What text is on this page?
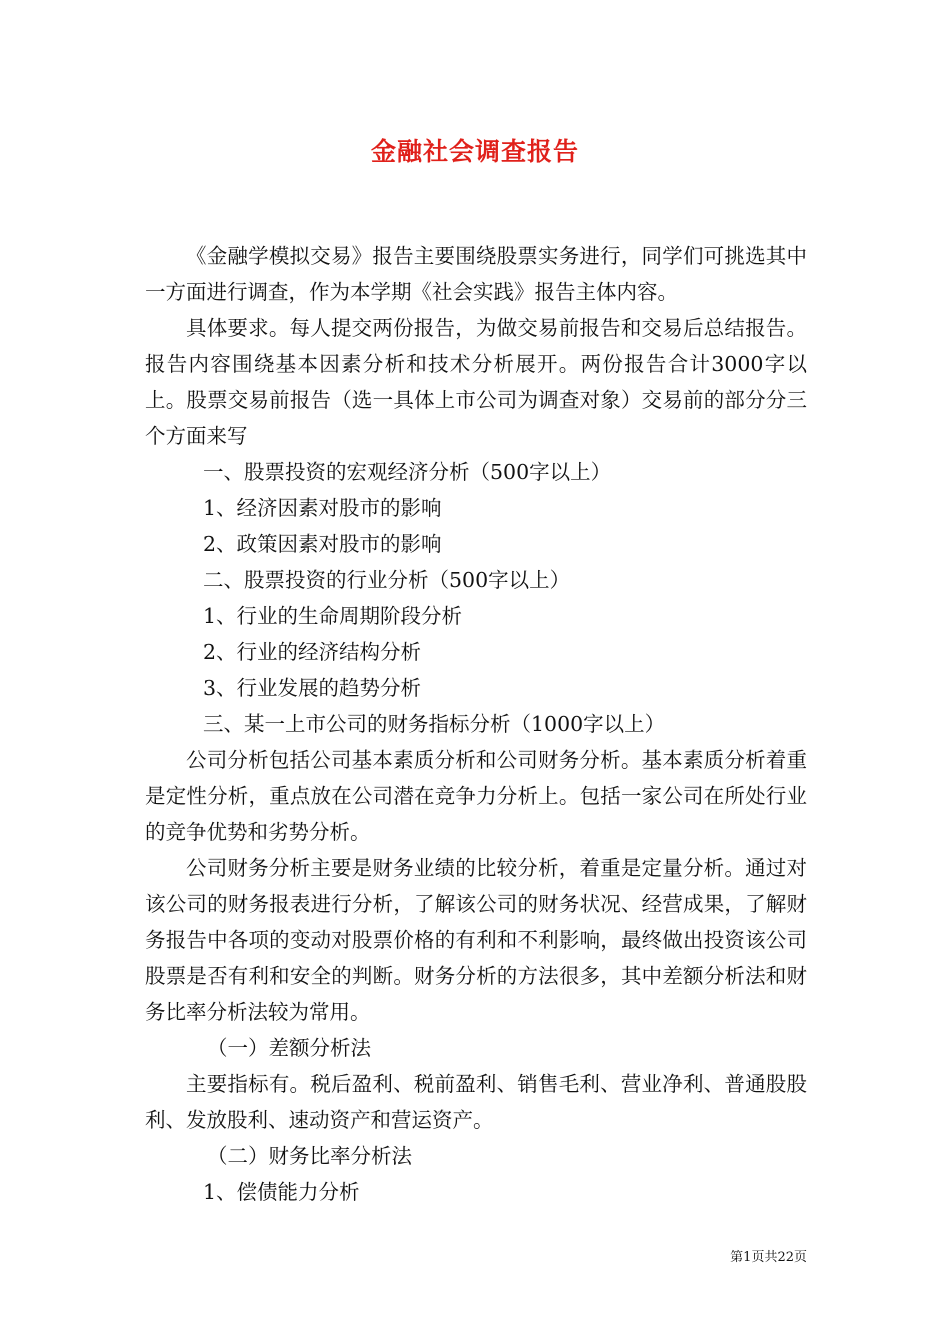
金融社会调查报告

《金融学模拟交易》报告主要围绕股票实务进行，同学们可挑选其中一方面进行调查，作为本学期《社会实践》报告主体内容。

具体要求。每人提交两份报告，为做交易前报告和交易后总结报告。报告内容围绕基本因素分析和技术分析展开。两份报告合计3000字以上。股票交易前报告（选一具体上市公司为调查对象）交易前的部分分三个方面来写

一、股票投资的宏观经济分析（500字以上）

1、经济因素对股市的影响

2、政策因素对股市的影响

二、股票投资的行业分析（500字以上）

1、行业的生命周期阶段分析

2、行业的经济结构分析

3、行业发展的趋势分析

三、某一上市公司的财务指标分析（1000字以上）

公司分析包括公司基本素质分析和公司财务分析。基本素质分析着重是定性分析，重点放在公司潜在竞争力分析上。包括一家公司在所处行业的竞争优势和劣势分析。

公司财务分析主要是财务业绩的比较分析，着重是定量分析。通过对该公司的财务报表进行分析，了解该公司的财务状况、经营成果，了解财务报告中各项的变动对股票价格的有利和不利影响，最终做出投资该公司股票是否有利和安全的判断。财务分析的方法很多，其中差额分析法和财务比率分析法较为常用。

（一）差额分析法

主要指标有。税后盈利、税前盈利、销售毛利、营业净利、普通股股利、发放股利、速动资产和营运资产。

（二）财务比率分析法

1、偿债能力分析

第1页共22页
